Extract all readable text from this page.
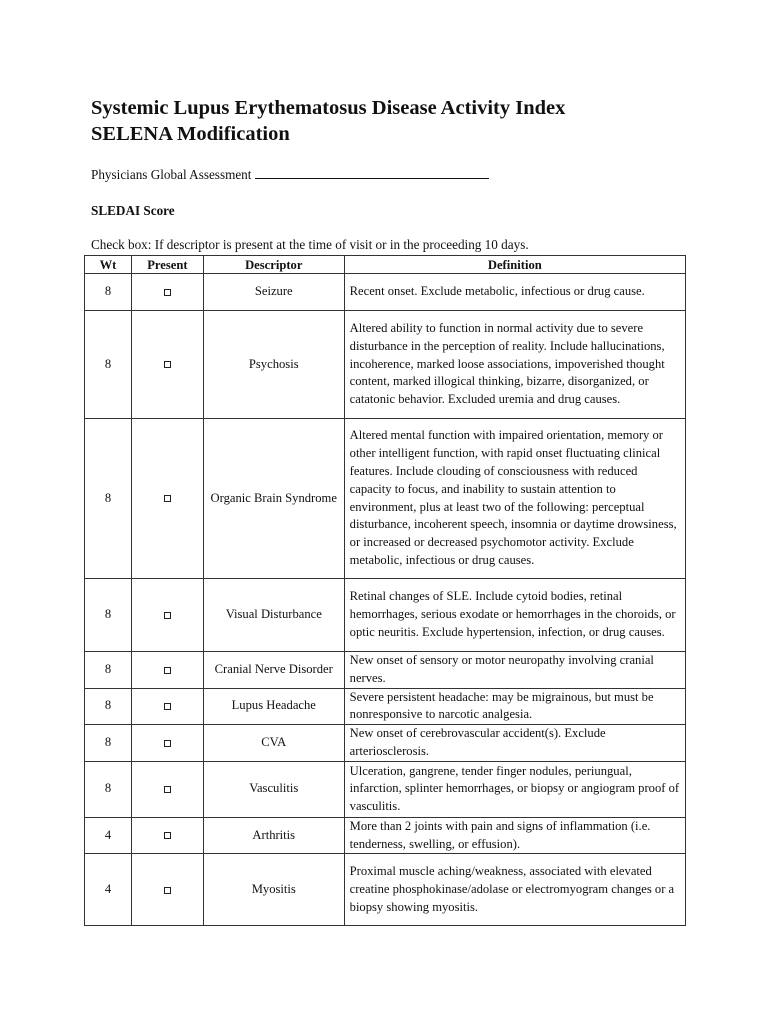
Systemic Lupus Erythematosus Disease Activity Index
SELENA Modification
Physicians Global Assessment
SLEDAI Score
Check box: If descriptor is present at the time of visit or in the proceeding 10 days.
Wt	Present	Descriptor	Definition
8		Seizure	Recent onset. Exclude metabolic, infectious or drug cause.
8		Psychosis	Altered ability to function in normal activity due to severe disturbance in the perception of reality. Include hallucinations, incoherence, marked loose associations, impoverished thought content, marked illogical thinking, bizarre, disorganized, or catatonic behavior. Excluded uremia and drug causes.
8		Organic Brain Syndrome	Altered mental function with impaired orientation, memory or other intelligent function, with rapid onset fluctuating clinical features. Include clouding of consciousness with reduced capacity to focus, and inability to sustain attention to environment, plus at least two of the following: perceptual disturbance, incoherent speech, insomnia or daytime drowsiness, or increased or decreased psychomotor activity. Exclude metabolic, infectious or drug causes.
8		Visual Disturbance	Retinal changes of SLE. Include cytoid bodies, retinal hemorrhages, serious exodate or hemorrhages in the choroids, or optic neuritis. Exclude hypertension, infection, or drug causes.
8		Cranial Nerve Disorder	New onset of sensory or motor neuropathy involving cranial nerves.
8		Lupus Headache	Severe persistent headache: may be migrainous, but must be nonresponsive to narcotic analgesia.
8		CVA	New onset of cerebrovascular accident(s). Exclude arteriosclerosis.
8		Vasculitis	Ulceration, gangrene, tender finger nodules, periungual, infarction, splinter hemorrhages, or biopsy or angiogram proof of vasculitis.
4		Arthritis	More than 2 joints with pain and signs of inflammation (i.e. tenderness, swelling, or effusion).
4		Myositis	Proximal muscle aching/weakness, associated with elevated creatine phosphokinase/adolase or electromyogram changes or a biopsy showing myositis.
